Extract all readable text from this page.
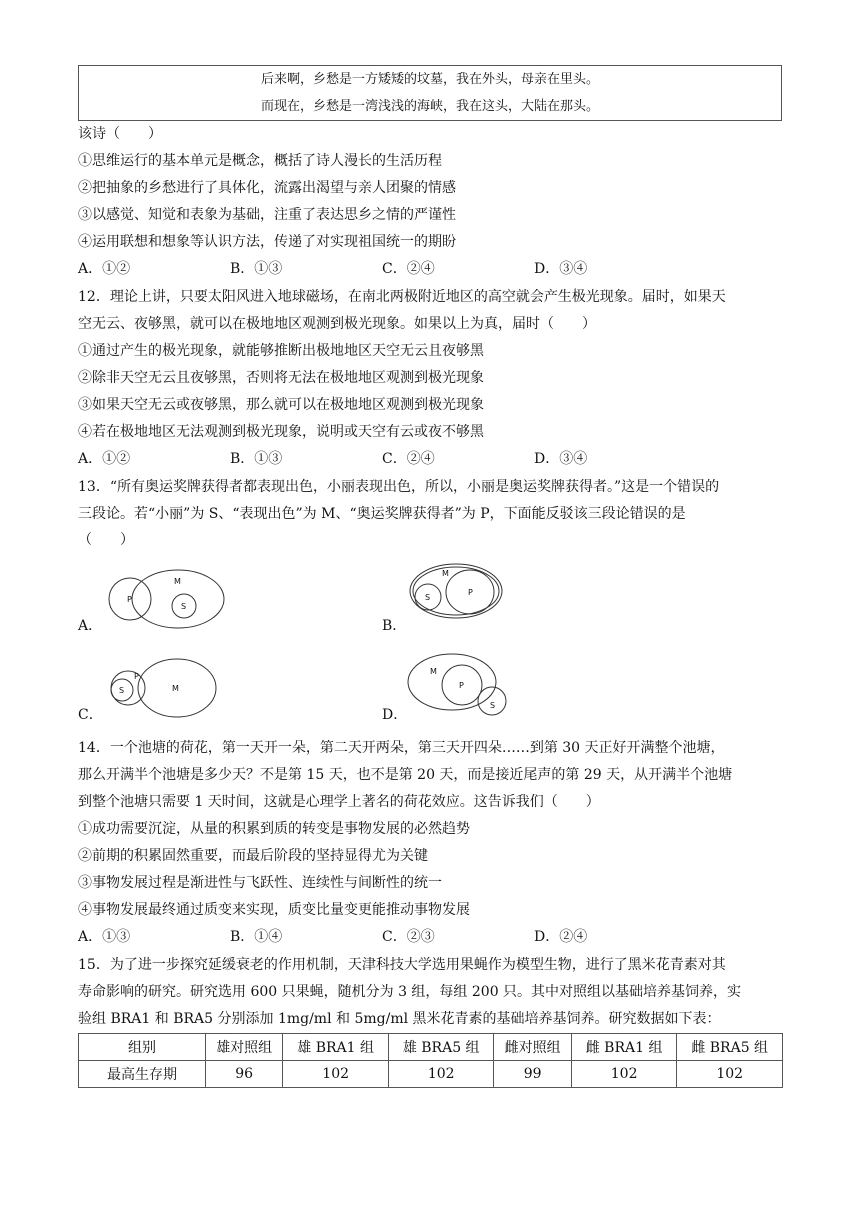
后来啊，乡愁是一方矮矮的坟墓，我在外头，母亲在里头。
而现在，乡愁是一湾浅浅的海峡，我在这头，大陆在那头。
该诗（　　）
①思维运行的基本单元是概念，概括了诗人漫长的生活历程
②把抽象的乡愁进行了具体化，流露出渴望与亲人团聚的情感
③以感觉、知觉和表象为基础，注重了表达思乡之情的严谨性
④运用联想和想象等认识方法，传递了对实现祖国统一的期盼
A．①②	B．①③	C．②④	D．③④
12．理论上讲，只要太阳风进入地球磁场，在南北两极附近地区的高空就会产生极光现象。届时，如果天
空无云、夜够黑，就可以在极地地区观测到极光现象。如果以上为真，届时（　　）
①通过产生的极光现象，就能够推断出极地地区天空无云且夜够黑
②除非天空无云且夜够黑，否则将无法在极地地区观测到极光现象
③如果天空无云或夜够黑，那么就可以在极地地区观测到极光现象
④若在极地地区无法观测到极光现象，说明或天空有云或夜不够黑
A．①②	B．①③	C．②④	D．③④
13．“所有奥运奖牌获得者都表现出色，小丽表现出色，所以，小丽是奥运奖牌获得者。”这是一个错误的
三段论。若“小丽”为 S、“表现出色”为 M、“奥运奖牌获得者”为 P，下面能反驳该三段论错误的是
（　　）
P
M
S
A．
M
S
P
B．
P
S	M
C．
M
P
S
D．
14．一个池塘的荷花，第一天开一朵，第二天开两朵，第三天开四朵……到第 30 天正好开满整个池塘，
那么开满半个池塘是多少天？不是第 15 天，也不是第 20 天，而是接近尾声的第 29 天，从开满半个池塘
到整个池塘只需要 1 天时间，这就是心理学上著名的荷花效应。这告诉我们（　　）
①成功需要沉淀，从量的积累到质的转变是事物发展的必然趋势
②前期的积累固然重要，而最后阶段的坚持显得尤为关键
③事物发展过程是渐进性与飞跃性、连续性与间断性的统一
④事物发展最终通过质变来实现，质变比量变更能推动事物发展
A．①③	B．①④	C．②③	D．②④
15．为了进一步探究延缓衰老的作用机制，天津科技大学选用果蝇作为模型生物，进行了黑米花青素对其
寿命影响的研究。研究选用 600 只果蝇，随机分为 3 组，每组 200 只。其中对照组以基础培养基饲养，实
验组 BRA1 和 BRA5 分别添加 1mg/ml 和 5mg/ml 黑米花青素的基础培养基饲养。研究数据如下表：
组别	雄对照组	雄 BRA1 组	雄 BRA5 组	雌对照组	雌 BRA1 组	雌 BRA5 组
最高生存期	96	102	102	99	102	102
